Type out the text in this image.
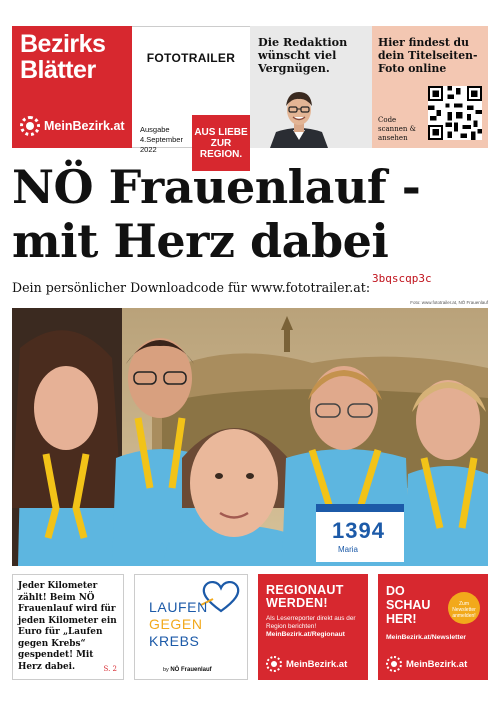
Bezirks
Blätter
MeinBezirk.at
FOTOTRAILER
Ausgabe
4.September 2022
AUS LIEBE ZUR REGION.
Die Redaktion wünscht viel Vergnügen.
Hier findest du dein Titelseiten-Foto online
Code scannen & ansehen
NÖ Frauenlauf - mit Herz dabei
Dein persönlicher Downloadcode für www.fototrailer.at:
3bqscqp3c
Foto: www.fototrailer.at, NÖ Frauenlauf
1394
Maria
Jeder Kilometer zählt! Beim NÖ Frauenlauf wird für jeden Kilometer ein Euro für „Laufen gegen Krebs“ gespendet! Mit Herz dabei.	S. 2
LAUFEN
GEGEN
KREBS
by NÖ Frauenlauf
REGIONAUT WERDEN!
Als Leserreporter direkt aus der Region berichten!
MeinBezirk.at/Regionaut
MeinBezirk.at
DO SCHAU HER!
Zum Newsletter anmelden!
MeinBezirk.at/Newsletter
MeinBezirk.at
